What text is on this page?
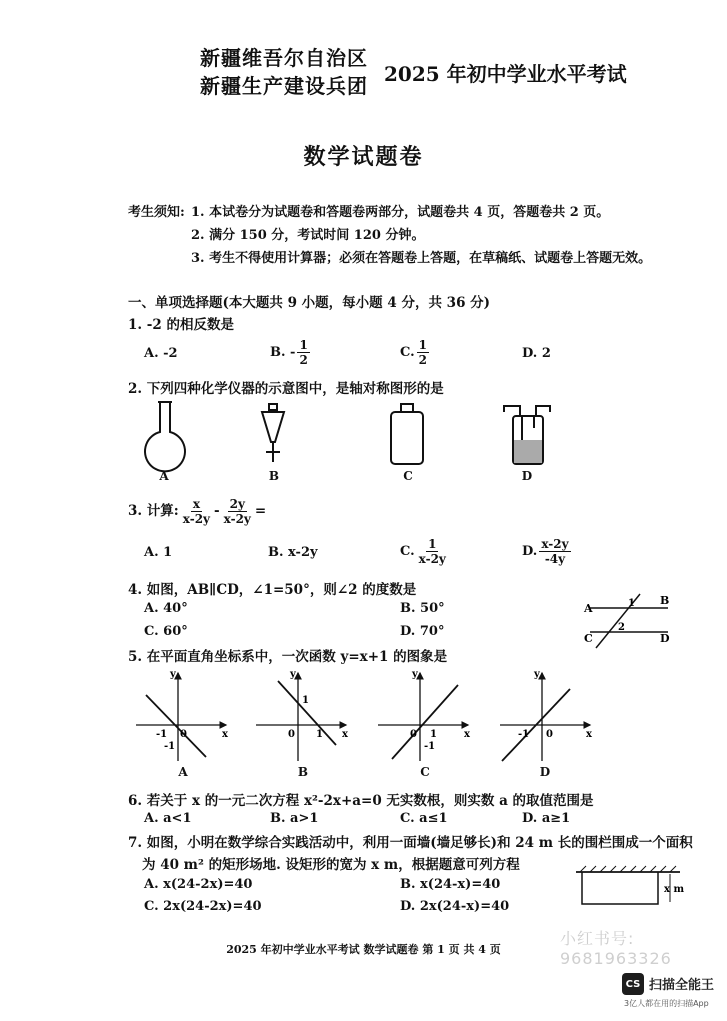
新疆维吾尔自治区
新疆生产建设兵团 2025 年初中学业水平考试
数学试题卷
考生须知: 1. 本试卷分为试题卷和答题卷两部分，试题卷共 4 页，答题卷共 2 页。
2. 满分 150 分，考试时间 120 分钟。
3. 考生不得使用计算器；必须在答题卷上答题，在草稿纸、试题卷上答题无效。
一、单项选择题(本大题共 9 小题，每小题 4 分，共 36 分)
1. -2 的相反数是
A. -2	B. - $\frac{1}{2}$	C. $\frac{1}{2}$	D. 2
2. 下列四种化学仪器的示意图中，是轴对称图形的是
A	B	C	D
3. 计算: $\frac{x}{x-2y} - \frac{2y}{x-2y}$ =
A. 1	B. x-2y	C. $\frac{1}{x-2y}$	D. $\frac{x-2y}{-4y}$
4. 如图，AB∥CD，∠1=50°，则∠2 的度数是
A. 40°	B. 50°
C. 60°	D. 70°
A
B
C	D
1
2
5. 在平面直角坐标系中，一次函数 y=x+1 的图象是
y
x
0
-1
-1
y
x
0
1
1
y
x
0 1
-1
y
x
0
-1
A	B	C	D
6. 若关于 x 的一元二次方程 x²-2x+a=0 无实数根，则实数 a 的取值范围是
A. a<1	B. a>1	C. a≤1	D. a≥1
7. 如图，小明在数学综合实践活动中，利用一面墙(墙足够长)和 24 m 长的围栏围成一个面积
为 40 m² 的矩形场地. 设矩形的宽为 x m，根据题意可列方程
A. x(24-2x)=40	B. x(24-x)=40
C. 2x(24-2x)=40	D. 2x(24-x)=40
x m
小红书号: 9681963326
2025 年初中学业水平考试 数学试题卷 第 1 页 共 4 页
CS 扫描全能王
3亿人都在用的扫描App
